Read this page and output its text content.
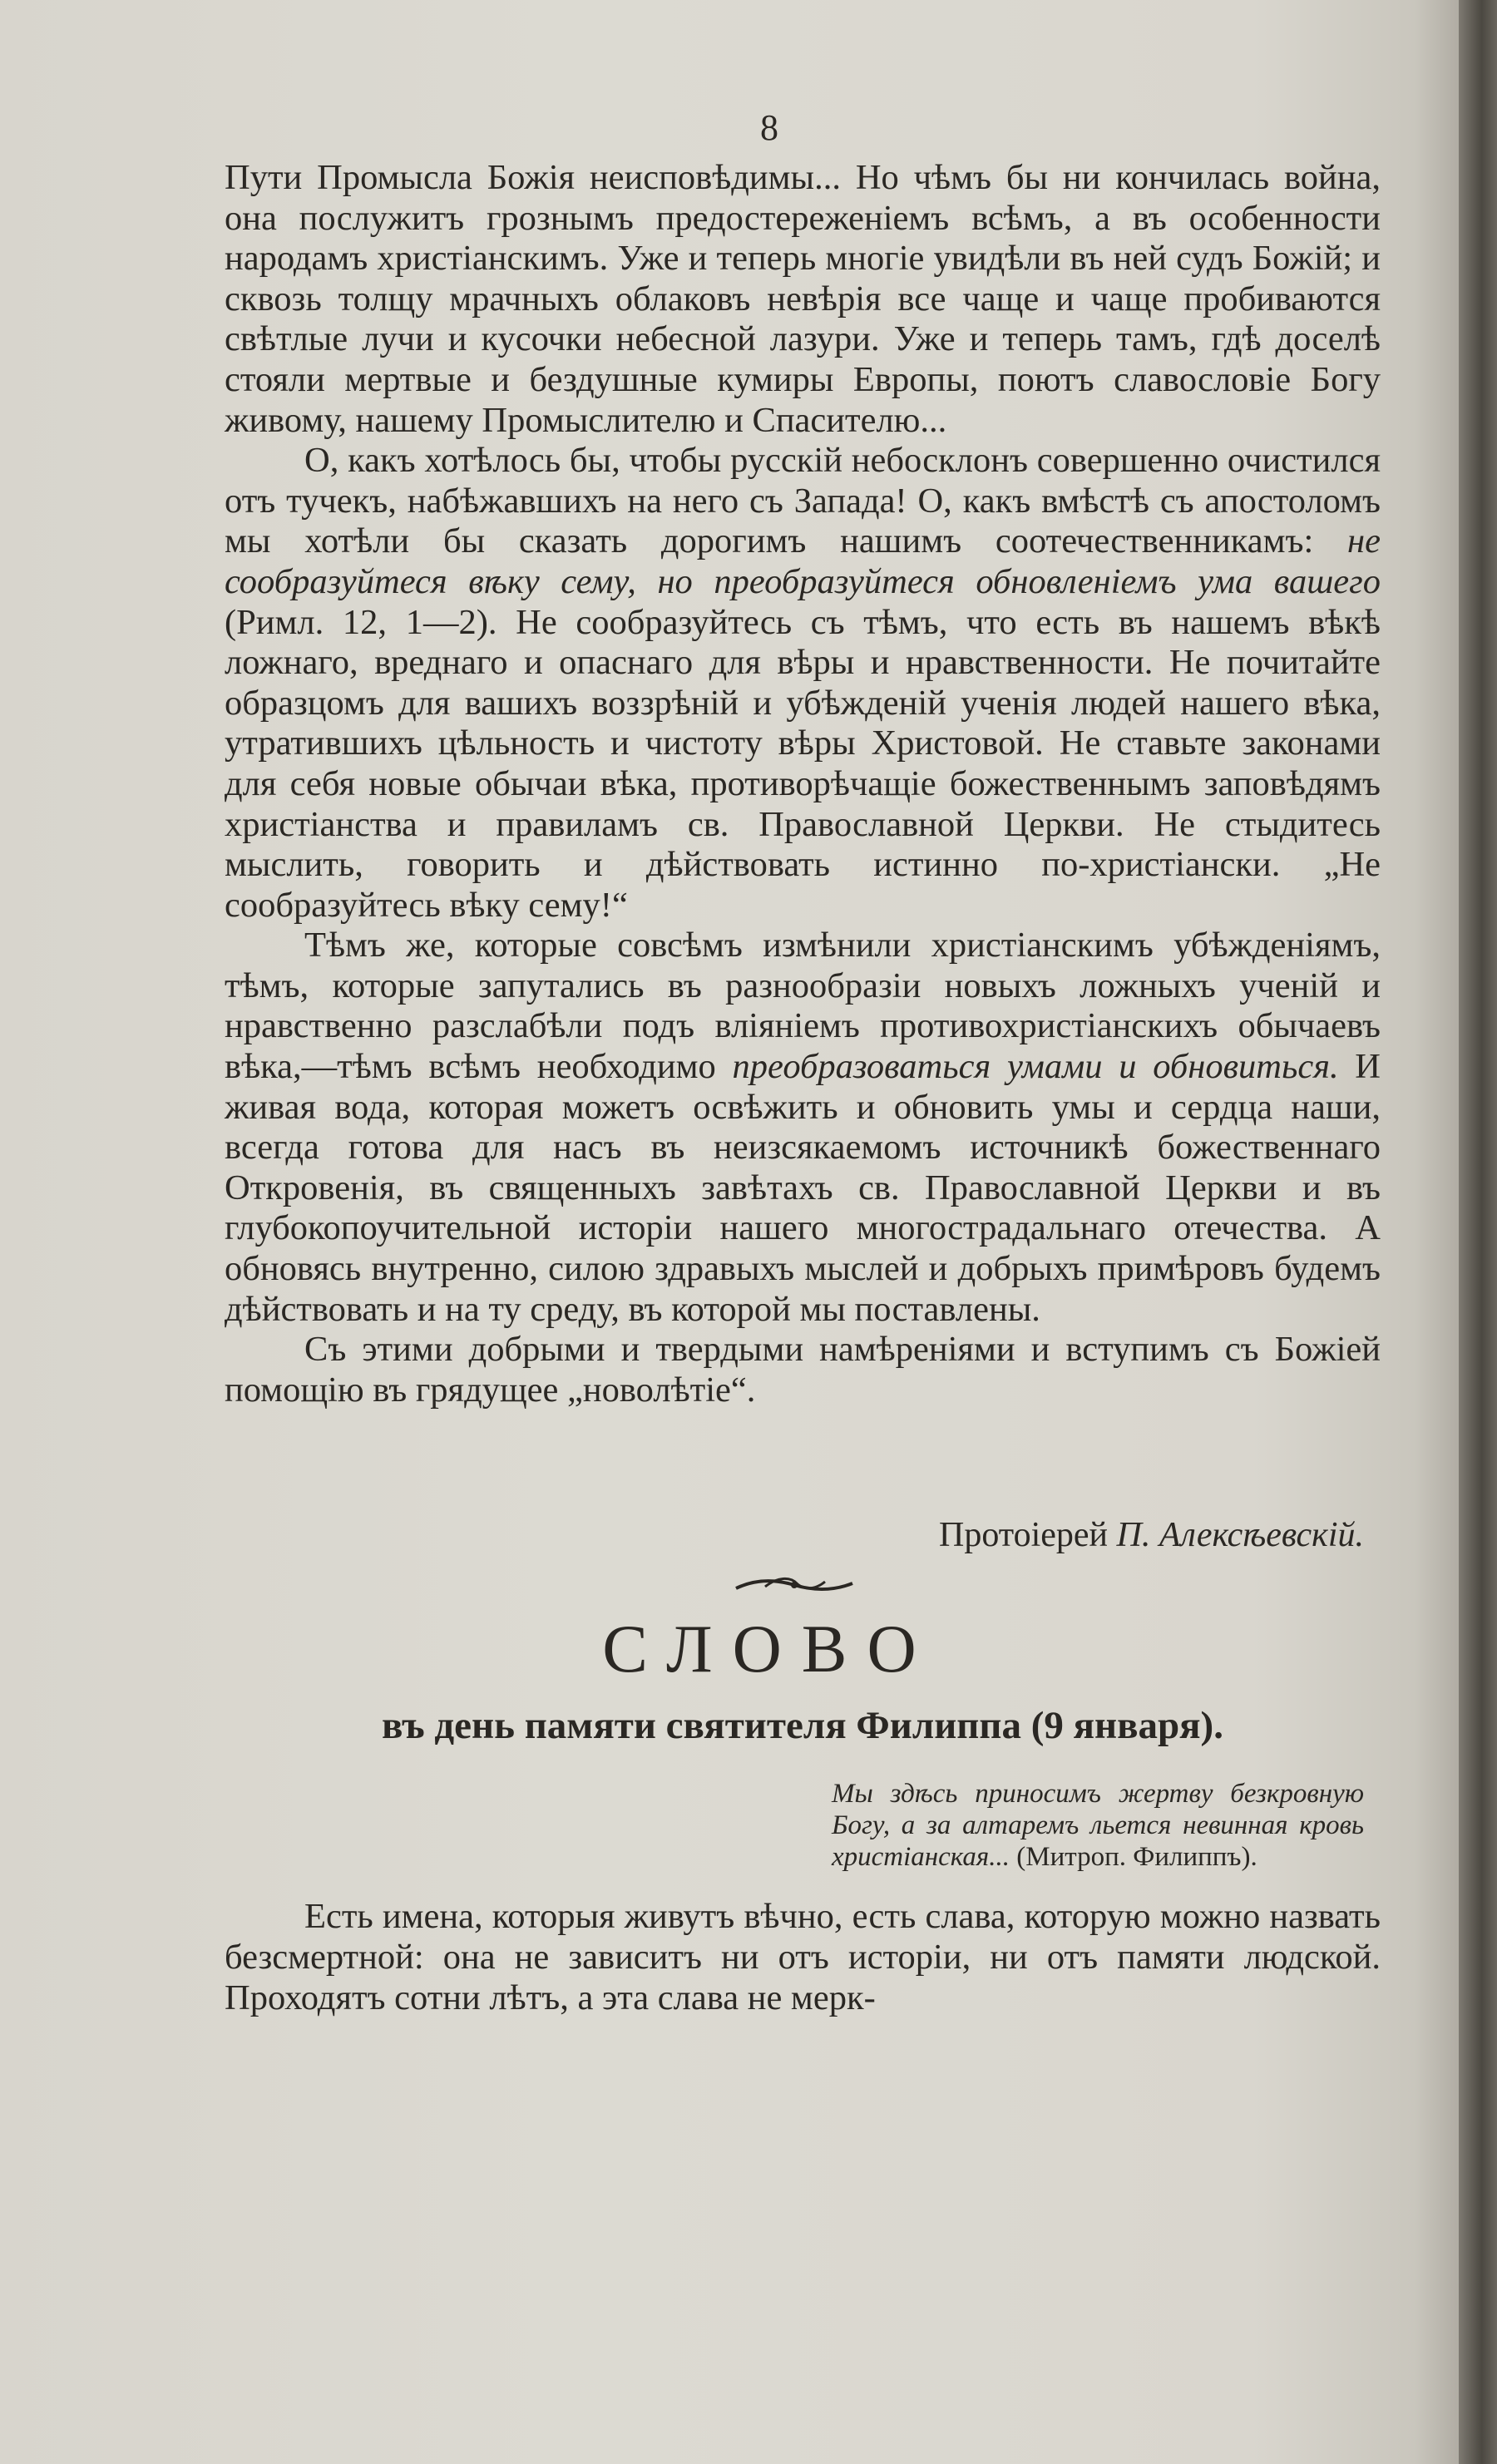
8

Пути Промысла Божія неисповѣдимы... Но чѣмъ бы ни кончилась война, она послужитъ грознымъ предостереженіемъ всѣмъ, а въ особенности народамъ христіанскимъ. Уже и теперь многіе увидѣли въ ней судъ Божій; и сквозь толщу мрачныхъ облаковъ невѣрія все чаще и чаще пробиваются свѣтлые лучи и кусочки небесной лазури. Уже и теперь тамъ, гдѣ доселѣ стояли мертвые и бездушные кумиры Европы, поютъ славословіе Богу живому, нашему Промыслителю и Спасителю...

О, какъ хотѣлось бы, чтобы русскій небосклонъ совершенно очистился отъ тучекъ, набѣжавшихъ на него съ Запада! О, какъ вмѣстѣ съ апостоломъ мы хотѣли бы сказать дорогимъ нашимъ соотечественникамъ: не сообразуйтеся вѣку сему, но преобразуйтеся обновленіемъ ума вашего (Римл. 12, 1—2). Не сообразуйтесь съ тѣмъ, что есть въ нашемъ вѣкѣ ложнаго, вреднаго и опаснаго для вѣры и нравственности. Не почитайте образцомъ для вашихъ воззрѣній и убѣжденій ученія людей нашего вѣка, утратившихъ цѣльность и чистоту вѣры Христовой. Не ставьте законами для себя новые обычаи вѣка, противорѣчащіе божественнымъ заповѣдямъ христіанства и правиламъ св. Православной Церкви. Не стыдитесь мыслить, говорить и дѣйствовать истинно по-христіански. „Не сообразуйтесь вѣку сему!“

Тѣмъ же, которые совсѣмъ измѣнили христіанскимъ убѣжденіямъ, тѣмъ, которые запутались въ разнообразіи новыхъ ложныхъ ученій и нравственно разслабѣли подъ вліяніемъ противохристіанскихъ обычаевъ вѣка,—тѣмъ всѣмъ необходимо преобразоваться умами и обновиться. И живая вода, которая можетъ освѣжить и обновить умы и сердца наши, всегда готова для насъ въ неизсякаемомъ источникѣ божественнаго Откровенія, въ священныхъ завѣтахъ св. Православной Церкви и въ глубокопоучительной исторіи нашего многострадальнаго отечества. А обновясь внутренно, силою здравыхъ мыслей и добрыхъ примѣровъ будемъ дѣйствовать и на ту среду, въ которой мы поставлены.

Съ этими добрыми и твердыми намѣреніями и вступимъ съ Божіей помощію въ грядущее „новолѣтіе“.

Протоіерей П. Алексѣевскій.
СЛОВО
въ день памяти святителя Филиппа (9 января).
Мы здѣсь приносимъ жертву безкровную Богу, а за алтаремъ льется невинная кровь христіанская... (Митроп. Филиппъ).

Есть имена, которыя живутъ вѣчно, есть слава, которую можно назвать безсмертной: она не зависитъ ни отъ исторіи, ни отъ памяти людской. Проходятъ сотни лѣтъ, а эта слава не мерк-
